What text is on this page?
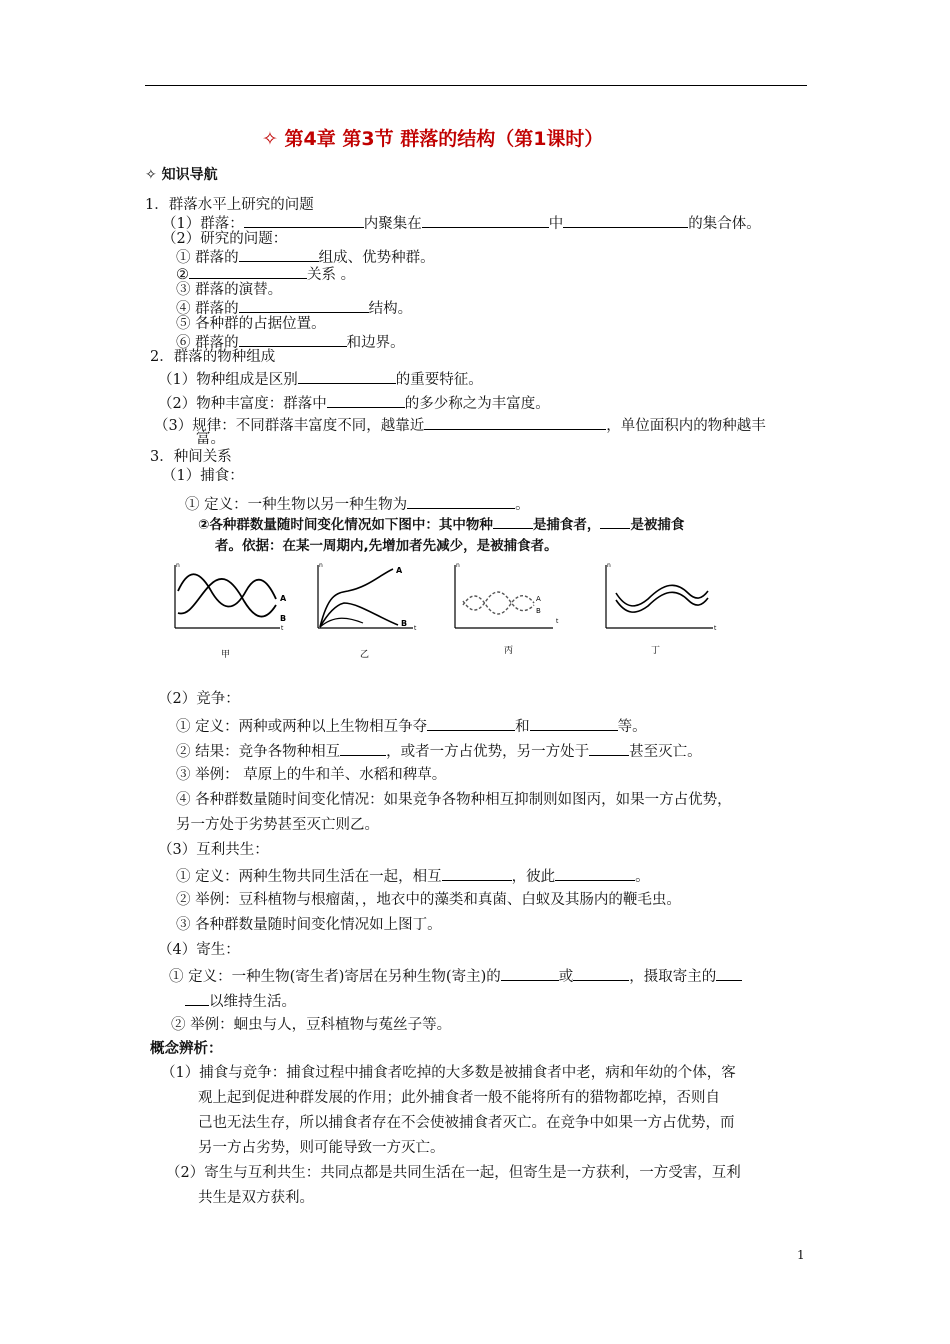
✧ 第4章 第3节 群落的结构（第1课时）
✧ 知识导航
1．群落水平上研究的问题
（1）群落：	内聚集在	中	的集合体。
（2）研究的问题：
① 群落的	组成、优势种群。
②	关系 。
③ 群落的演替。
④ 群落的	结构。
⑤ 各种群的占据位置。
⑥ 群落的	和边界。
2．群落的物种组成
（1）物种组成是区别	的重要特征。
（2）物种丰富度：群落中	的多少称之为丰富度。
（3）规律：不同群落丰富度不同，越靠近	，单位面积内的物种越丰
富。
3．种间关系
（1）捕食：
① 定义：一种生物以另一种生物为	。
②各种群数量随时间变化情况如下图中：其中物种	是捕食者， 是被捕食
者。依据：在某一周期内,先增加者先减少，是被捕食者。
n
t
A
B
甲
n
t
A
B
乙
n
t
A
B
丙
n
t
丁
（2）竞争：
① 定义：两种或两种以上生物相互争夺	和	等。
② 结果：竞争各物种相互	，或者一方占优势，另一方处于	甚至灭亡。
③ 举例： 草原上的牛和羊、水稻和稗草。
④ 各种群数量随时间变化情况：如果竞争各物种相互抑制则如图丙，如果一方占优势，
另一方处于劣势甚至灭亡则乙。
（3）互利共生：
① 定义：两种生物共同生活在一起，相互	，彼此	。
② 举例：豆科植物与根瘤菌，，地衣中的藻类和真菌、白蚁及其肠内的鞭毛虫。
③ 各种群数量随时间变化情况如上图丁。
（4）寄生：
① 定义：一种生物(寄生者)寄居在另种生物(寄主)的	或	，摄取寄主的
以维持生活。
② 举例：蛔虫与人，豆科植物与菟丝子等。
概念辨析：
（1）捕食与竞争：捕食过程中捕食者吃掉的大多数是被捕食者中老，病和年幼的个体，客
观上起到促进种群发展的作用；此外捕食者一般不能将所有的猎物都吃掉，否则自
己也无法生存，所以捕食者存在不会使被捕食者灭亡。在竞争中如果一方占优势，而
另一方占劣势，则可能导致一方灭亡。
（2）寄生与互利共生：共同点都是共同生活在一起，但寄生是一方获利，一方受害，互利
共生是双方获利。
1
